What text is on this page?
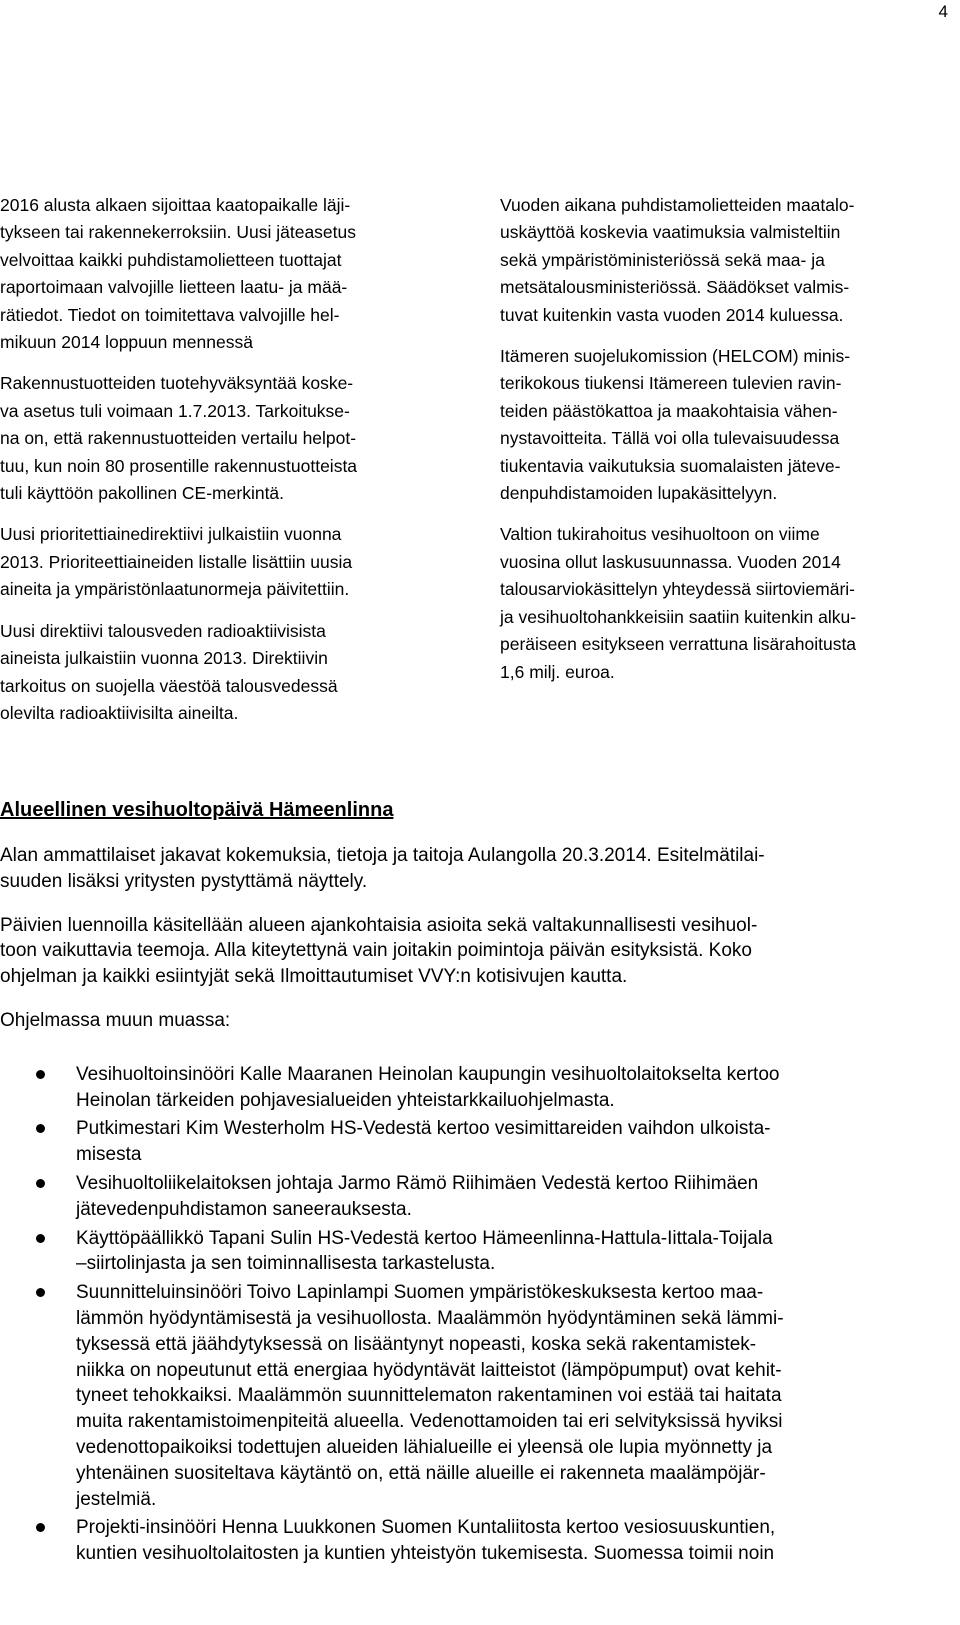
4

2016 alusta alkaen sijoittaa kaatopaikalle läji-
tykseen tai rakennekerroksiin. Uusi jäteasetus
velvoittaa kaikki puhdistamolietteen tuottajat
raportoimaan valvojille lietteen laatu- ja mää-
rätiedot. Tiedot on toimitettava valvojille hel-
mikuun 2014 loppuun mennessä

Rakennustuotteiden tuotehyväksyntää koske-
va asetus tuli voimaan 1.7.2013. Tarkoitukse-
na on, että rakennustuotteiden vertailu helpot-
tuu, kun noin 80 prosentille rakennustuotteista
tuli käyttöön pakollinen CE-merkintä.

Uusi prioritettiainedirektiivi julkaistiin vuonna
2013. Prioriteettiaineiden listalle lisättiin uusia
aineita ja ympäristönlaatunormeja päivitettiin.

Uusi direktiivi talousveden radioaktiivisista
aineista julkaistiin vuonna 2013. Direktiivin
tarkoitus on suojella väestöä talousvedessä
olevilta radioaktiivisilta aineilta.

Vuoden aikana puhdistamolietteiden maatalo-
uskäyttöä koskevia vaatimuksia valmisteltiin
sekä ympäristöministeriössä sekä maa- ja
metsätalousministeriössä. Säädökset valmis-
tuvat kuitenkin vasta vuoden 2014 kuluessa.

Itämeren suojelukomission (HELCOM) minis-
terikokous tiukensi Itämereen tulevien ravin-
teiden päästökattoa ja maakohtaisia vähen-
nystavoitteita. Tällä voi olla tulevaisuudessa
tiukentavia vaikutuksia suomalaisten jäteve-
denpuhdistamoiden lupakäsittelyyn.

Valtion tukirahoitus vesihuoltoon on viime
vuosina ollut laskusuunnassa. Vuoden 2014
talousarviokäsittelyn yhteydessä siirtoviemäri-
ja vesihuoltohankkeisiin saatiin kuitenkin alku-
peräiseen esitykseen verrattuna lisärahoitusta
1,6 milj. euroa.

Alueellinen vesihuoltopäivä Hämeenlinna

Alan ammattilaiset jakavat kokemuksia, tietoja ja taitoja Aulangolla 20.3.2014. Esitelmätilai-
suuden lisäksi yritysten pystyttämä näyttely.

Päivien luennoilla käsitellään alueen ajankohtaisia asioita sekä valtakunnallisesti vesihuol-
toon vaikuttavia teemoja. Alla kiteytettynä vain joitakin poimintoja päivän esityksistä. Koko
ohjelman ja kaikki esiintyjät sekä Ilmoittautumiset VVY:n kotisivujen kautta.

Ohjelmassa muun muassa:

Vesihuoltoinsinööri Kalle Maaranen Heinolan kaupungin vesihuoltolaitokselta kertoo
Heinolan tärkeiden pohjavesialueiden yhteistarkkailuohjelmasta.
Putkimestari Kim Westerholm HS-Vedestä kertoo vesimittareiden vaihdon ulkoista-
misesta
Vesihuoltoliikelaitoksen johtaja Jarmo Rämö Riihimäen Vedestä kertoo Riihimäen
jätevedenpuhdistamon saneerauksesta.
Käyttöpäällikkö Tapani Sulin HS-Vedestä kertoo Hämeenlinna-Hattula-Iittala-Toijala
–siirtolinjasta ja sen toiminnallisesta tarkastelusta.
Suunnitteluinsinööri Toivo Lapinlampi Suomen ympäristökeskuksesta kertoo maa-
lämmön hyödyntämisestä ja vesihuollosta. Maalämmön hyödyntäminen sekä lämmi-
tyksessä että jäähdytyksessä on lisääntynyt nopeasti, koska sekä rakentamistek-
niikka on nopeutunut että energiaa hyödyntävät laitteistot (lämpöpumput) ovat kehit-
tyneet tehokkaiksi. Maalämmön suunnittelematon rakentaminen voi estää tai haitata
muita rakentamistoimenpiteitä alueella. Vedenottamoiden tai eri selvityksissä hyviksi
vedenottopaikoiksi todettujen alueiden lähialueille ei yleensä ole lupia myönnetty ja
yhtenäinen suositeltava käytäntö on, että näille alueille ei rakenneta maalämpöjär-
jestelmiä.
Projekti-insinööri Henna Luukkonen Suomen Kuntaliitosta kertoo vesiosuuskuntien,
kuntien vesihuoltolaitosten ja kuntien yhteistyön tukemisesta. Suomessa toimii noin
